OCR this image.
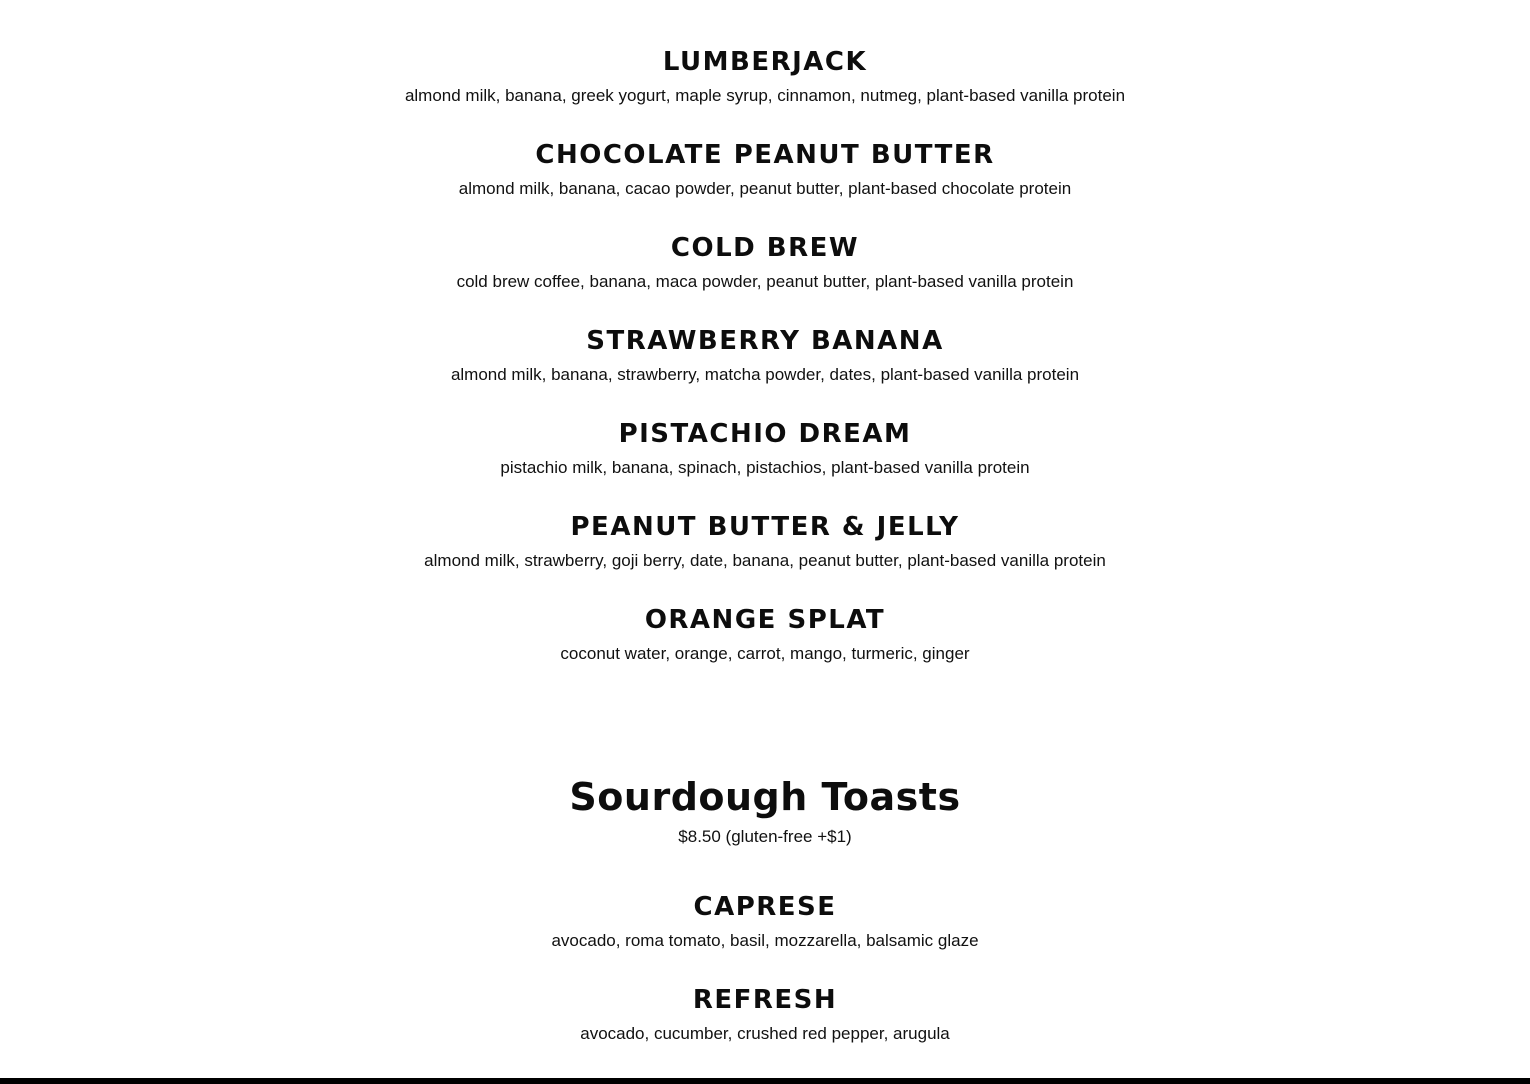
LUMBERJACK

almond milk, banana, greek yogurt, maple syrup, cinnamon, nutmeg, plant-based vanilla protein

CHOCOLATE PEANUT BUTTER

almond milk, banana, cacao powder, peanut butter, plant-based chocolate protein

COLD BREW

cold brew coffee, banana, maca powder, peanut butter, plant-based vanilla protein

STRAWBERRY BANANA

almond milk, banana, strawberry, matcha powder, dates, plant-based vanilla protein

PISTACHIO DREAM

pistachio milk, banana, spinach, pistachios, plant-based vanilla protein

PEANUT BUTTER & JELLY

almond milk, strawberry, goji berry, date, banana, peanut butter, plant-based vanilla protein

ORANGE SPLAT

coconut water, orange, carrot, mango, turmeric, ginger

Sourdough Toasts

$8.50 (gluten-free +$1)

CAPRESE

avocado, roma tomato, basil, mozzarella, balsamic glaze

REFRESH

avocado, cucumber, crushed red pepper, arugula
